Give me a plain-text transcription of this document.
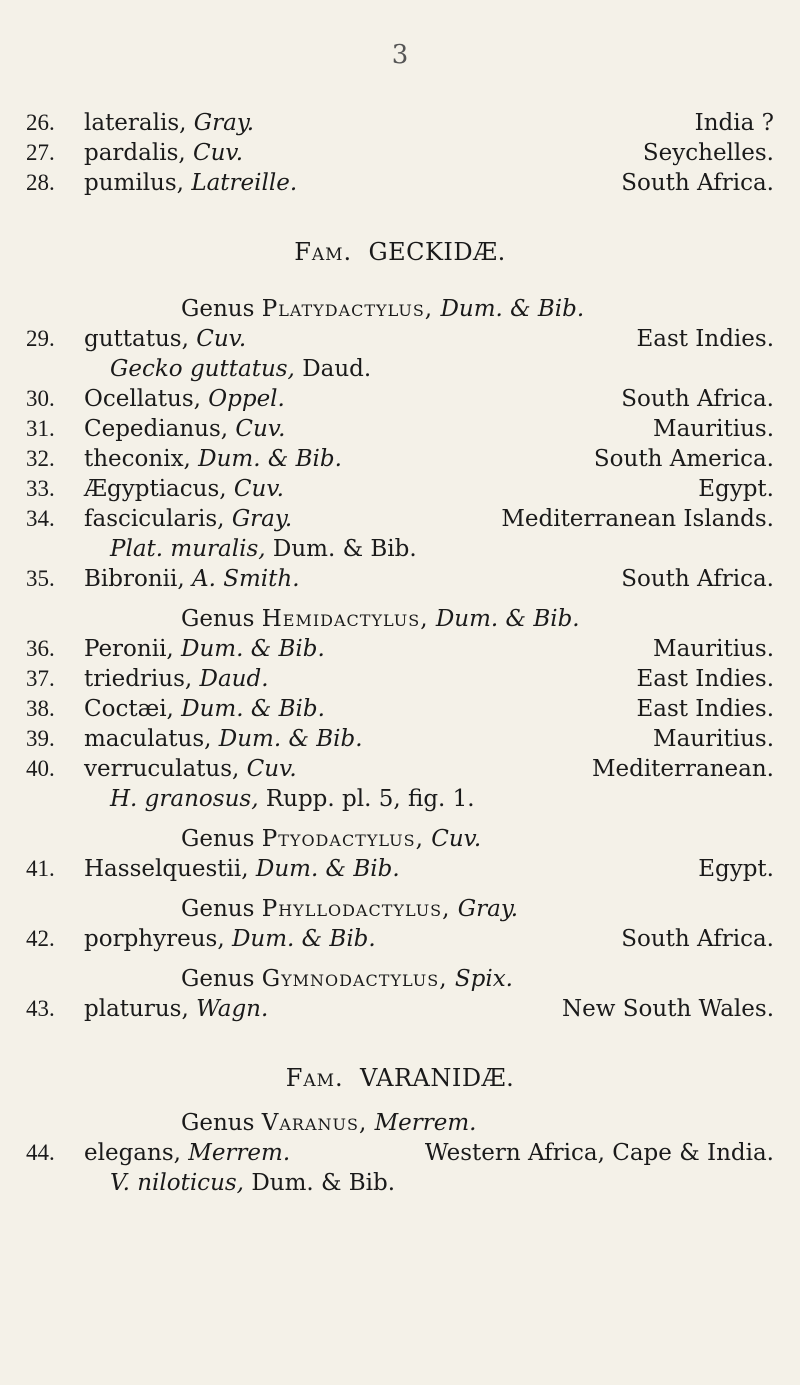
3
26.	lateralis, Gray.	India ?
27.	pardalis, Cuv.	Seychelles.
28.	pumilus, Latreille.	South Africa.
Fam. GECKIDÆ.
Genus Platydactylus, Dum. & Bib.
29.	guttatus, Cuv.	East Indies.
Gecko guttatus, Daud.
30.	Ocellatus, Oppel.	South Africa.
31.	Cepedianus, Cuv.	Mauritius.
32.	theconix, Dum. & Bib.	South America.
33.	Ægyptiacus, Cuv.	Egypt.
34.	fascicularis, Gray.	Mediterranean Islands.
Plat. muralis, Dum. & Bib.
35.	Bibronii, A. Smith.	South Africa.
Genus Hemidactylus, Dum. & Bib.
36.	Peronii, Dum. & Bib.	Mauritius.
37.	triedrius, Daud.	East Indies.
38.	Coctæi, Dum. & Bib.	East Indies.
39.	maculatus, Dum. & Bib.	Mauritius.
40.	verruculatus, Cuv.	Mediterranean.
H. granosus, Rupp. pl. 5, fig. 1.
Genus Ptyodactylus, Cuv.
41.	Hasselquestii, Dum. & Bib.	Egypt.
Genus Phyllodactylus, Gray.
42.	porphyreus, Dum. & Bib.	South Africa.
Genus Gymnodactylus, Spix.
43.	platurus, Wagn.	New South Wales.
Fam. VARANIDÆ.
Genus Varanus, Merrem.
44.	elegans, Merrem.	Western Africa, Cape & India.
V. niloticus, Dum. & Bib.
